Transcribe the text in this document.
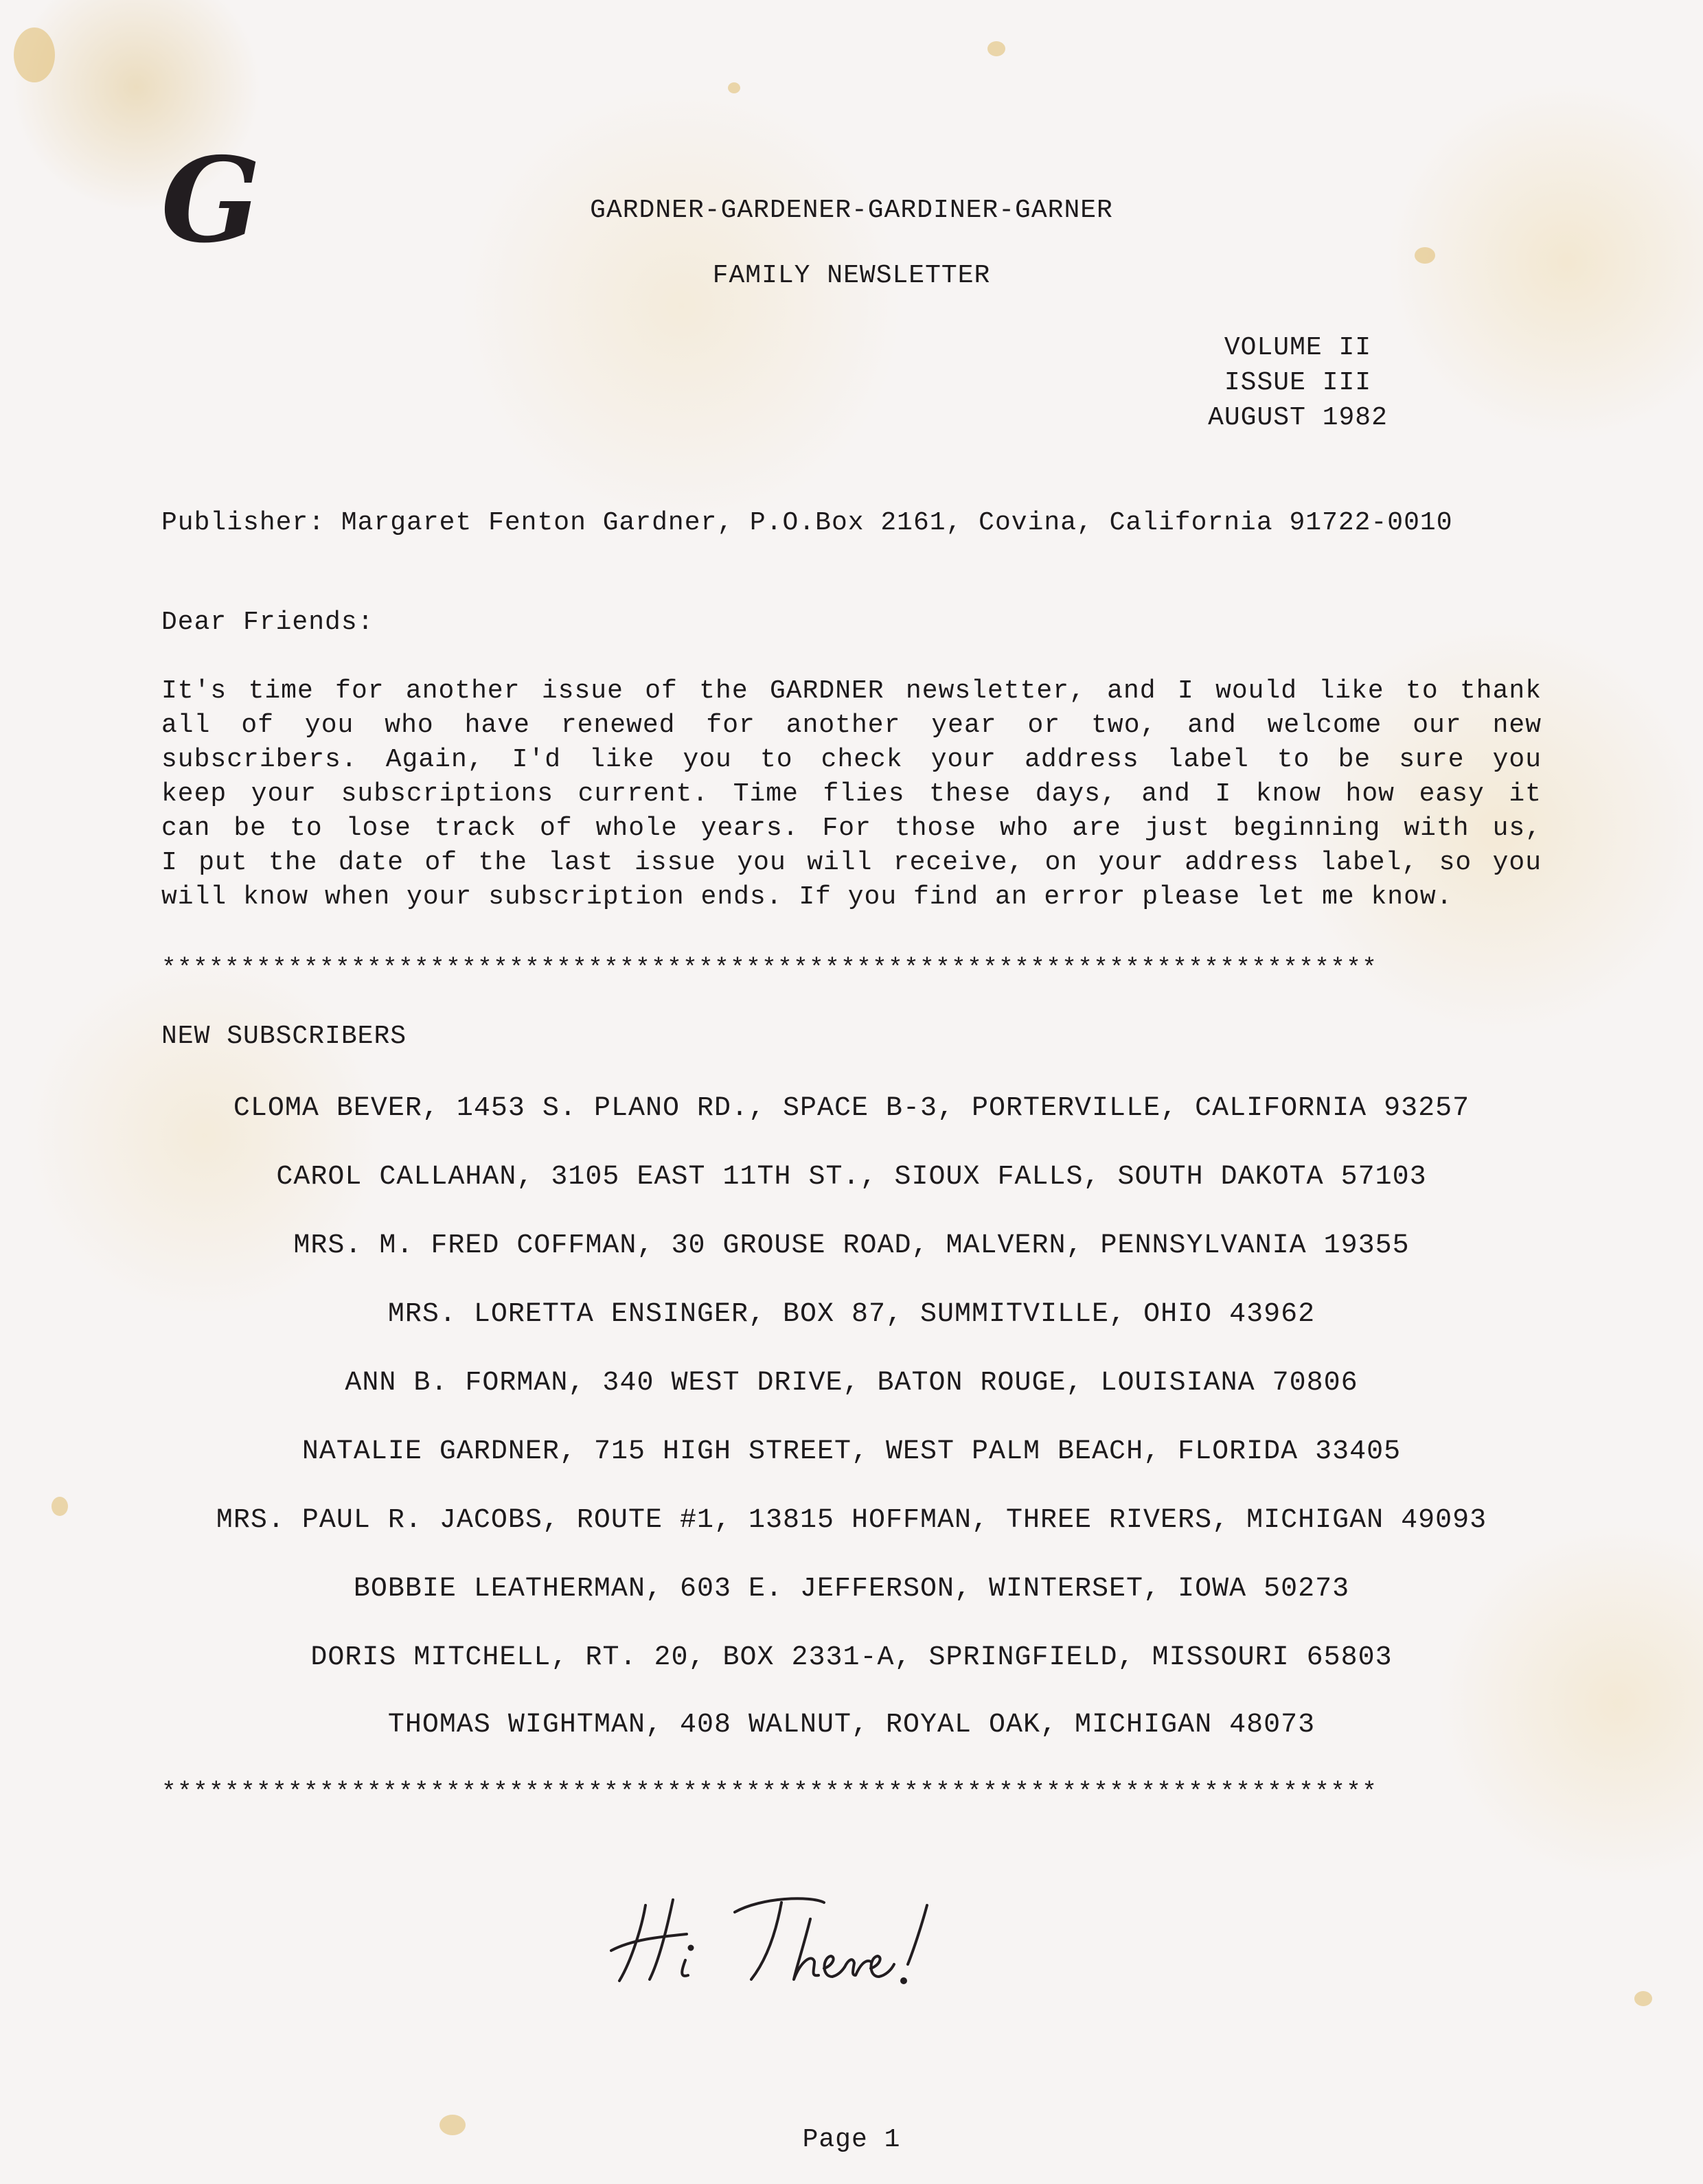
G	GARDNER-GARDENER-GARDINER-GARNER
FAMILY NEWSLETTER
VOLUME II
ISSUE III
AUGUST 1982
Publisher: Margaret Fenton Gardner, P.O.Box 2161, Covina, California 91722-0010
Dear Friends:
It's time for another issue of the GARDNER newsletter, and I would like to thank
all of you who have renewed for another year or two, and welcome our new
subscribers. Again, I'd like you to check your address label to be sure you
keep your subscriptions current. Time flies these days, and I know how easy it
can be to lose track of whole years. For those who are just beginning with us,
I put the date of the last issue you will receive, on your address label, so you
will know when your subscription ends. If you find an error please let me know.
*****************************************************************************
NEW SUBSCRIBERS
CLOMA BEVER, 1453 S. PLANO RD., SPACE B-3, PORTERVILLE, CALIFORNIA 93257
CAROL CALLAHAN, 3105 EAST 11TH ST., SIOUX FALLS, SOUTH DAKOTA 57103
MRS. M. FRED COFFMAN, 30 GROUSE ROAD, MALVERN, PENNSYLVANIA 19355
MRS. LORETTA ENSINGER, BOX 87, SUMMITVILLE, OHIO 43962
ANN B. FORMAN, 340 WEST DRIVE, BATON ROUGE, LOUISIANA 70806
NATALIE GARDNER, 715 HIGH STREET, WEST PALM BEACH, FLORIDA 33405
MRS. PAUL R. JACOBS, ROUTE #1, 13815 HOFFMAN, THREE RIVERS, MICHIGAN 49093
BOBBIE LEATHERMAN, 603 E. JEFFERSON, WINTERSET, IOWA 50273
DORIS MITCHELL, RT. 20, BOX 2331-A, SPRINGFIELD, MISSOURI 65803
THOMAS WIGHTMAN, 408 WALNUT, ROYAL OAK, MICHIGAN 48073
*****************************************************************************
Page 1
